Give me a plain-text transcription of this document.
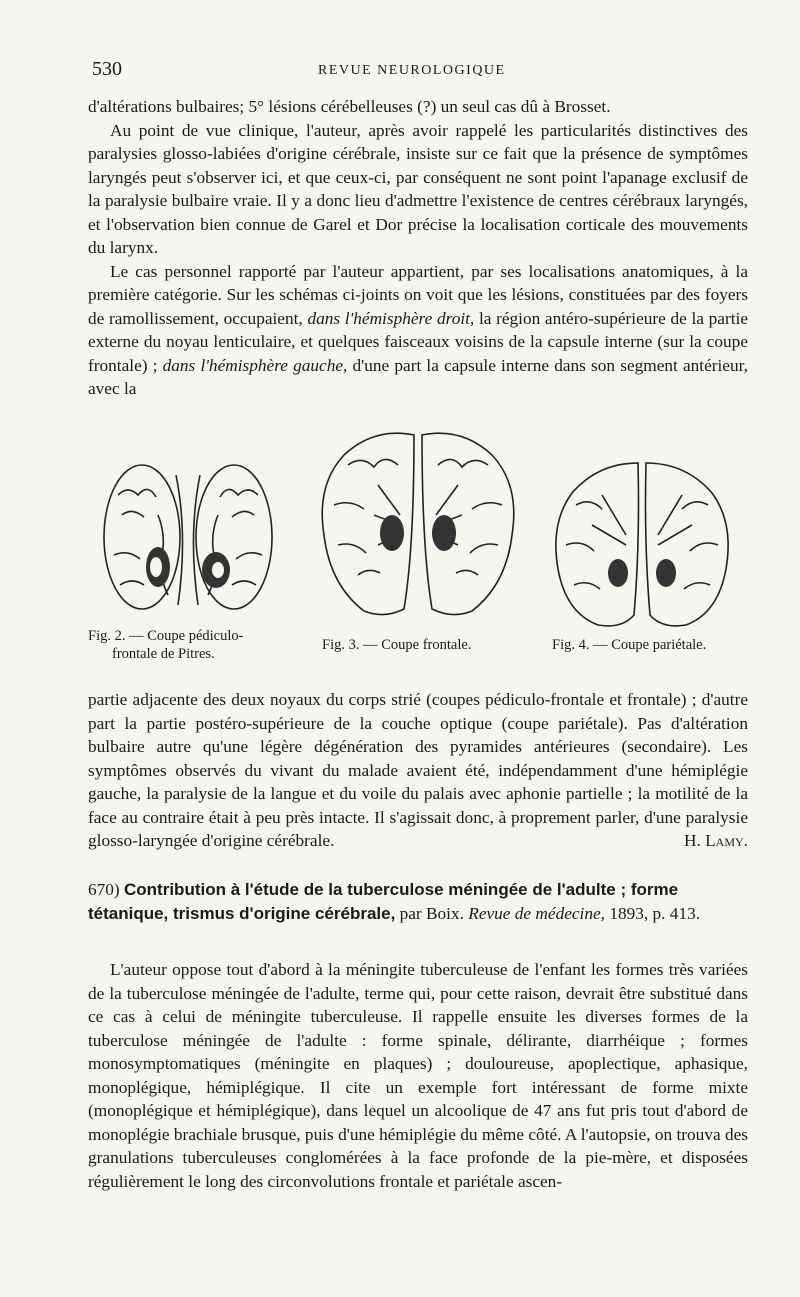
530	REVUE NEUROLOGIQUE

d'altérations bulbaires; 5° lésions cérébelleuses (?) un seul cas dû à Brosset.

Au point de vue clinique, l'auteur, après avoir rappelé les particularités distinctives des paralysies glosso-labiées d'origine cérébrale, insiste sur ce fait que la présence de symptômes laryngés peut s'observer ici, et que ceux-ci, par conséquent ne sont point l'apanage exclusif de la paralysie bulbaire vraie. Il y a donc lieu d'admettre l'existence de centres cérébraux laryngés, et l'observation bien connue de Garel et Dor précise la localisation corticale des mouvements du larynx.

Le cas personnel rapporté par l'auteur appartient, par ses localisations anatomiques, à la première catégorie. Sur les schémas ci-joints on voit que les lésions, constituées par des foyers de ramollissement, occupaient, dans l'hémisphère droit, la région antéro-supérieure de la partie externe du noyau lenticulaire, et quelques faisceaux voisins de la capsule interne (sur la coupe frontale) ; dans l'hémisphère gauche, d'une part la capsule interne dans son segment antérieur, avec la

Fig. 2. — Coupe pédiculo-
frontale de Pitres.
Fig. 3. — Coupe frontale.	Fig. 4. — Coupe pariétale.

partie adjacente des deux noyaux du corps strié (coupes pédiculo-frontale et frontale) ; d'autre part la partie postéro-supérieure de la couche optique (coupe pariétale). Pas d'altération bulbaire autre qu'une légère dégénération des pyramides antérieures (secondaire). Les symptômes observés du vivant du malade avaient été, indépendamment d'une hémiplégie gauche, la paralysie de la langue et du voile du palais avec aphonie partielle ; la motilité de la face au contraire était à peu près intacte. Il s'agissait donc, à proprement parler, d'une paralysie glosso-laryngée d'origine cérébrale.	H. Lamy.

670) Contribution à l'étude de la tuberculose méningée de l'adulte ; forme tétanique, trismus d'origine cérébrale, par Boix. Revue de médecine, 1893, p. 413.

L'auteur oppose tout d'abord à la méningite tuberculeuse de l'enfant les formes très variées de la tuberculose méningée de l'adulte, terme qui, pour cette raison, devrait être substitué dans ce cas à celui de méningite tuberculeuse. Il rappelle ensuite les diverses formes de la tuberculose méningée de l'adulte : forme spinale, délirante, diarrhéique ; formes monosymptomatiques (méningite en plaques) ; douloureuse, apoplectique, aphasique, monoplégique, hémiplégique. Il cite un exemple fort intéressant de forme mixte (monoplégique et hémiplégique), dans lequel un alcoolique de 47 ans fut pris tout d'abord de monoplégie brachiale brusque, puis d'une hémiplégie du même côté. A l'autopsie, on trouva des granulations tuberculeuses conglomérées à la face profonde de la pie-mère, et disposées régulièrement le long des circonvolutions frontale et pariétale ascen-
